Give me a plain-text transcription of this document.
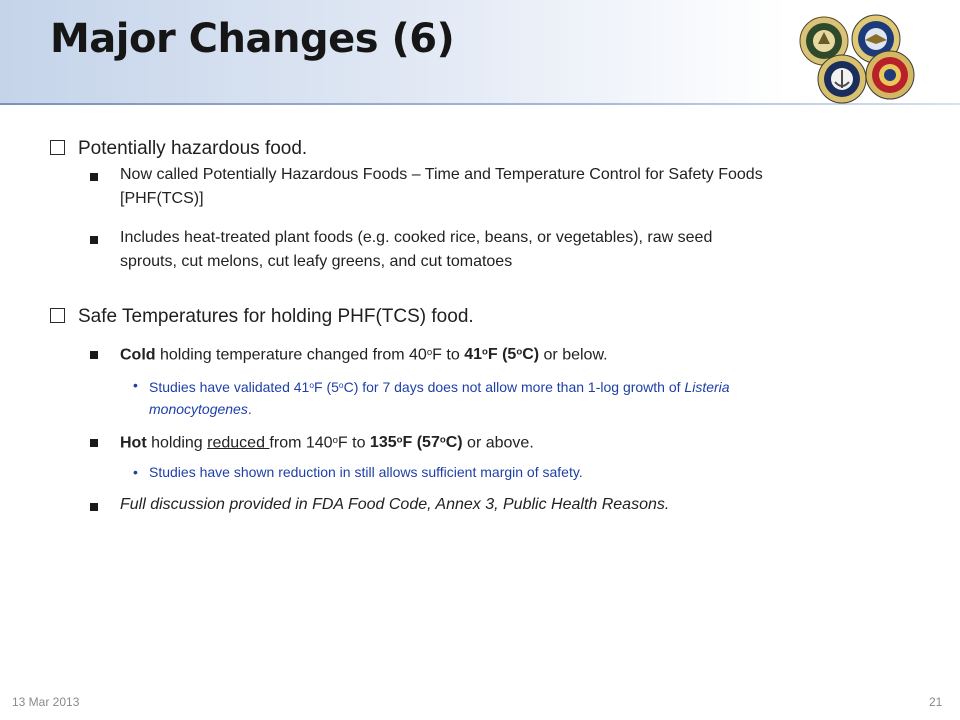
Major Changes (6)
Potentially hazardous food.
Now called Potentially Hazardous Foods – Time and Temperature Control for Safety Foods
[PHF(TCS)]
Includes heat-treated plant foods (e.g. cooked rice, beans, or vegetables), raw seed
sprouts, cut melons, cut leafy greens, and cut tomatoes
Safe Temperatures for holding PHF(TCS) food.
Cold holding temperature changed from 40$^o$F to 41$^o$F (5$^o$C) or below.
• Studies have validated 41$^o$F (5$^o$C) for 7 days does not allow more than 1-log growth of Listeria
monocytogenes.
Hot holding reduced from 140$^o$F to 135$^o$F (57$^o$C) or above.
• Studies have shown reduction in still allows sufficient margin of safety.
Full discussion provided in FDA Food Code, Annex 3, Public Health Reasons.
13 Mar 2013	21
